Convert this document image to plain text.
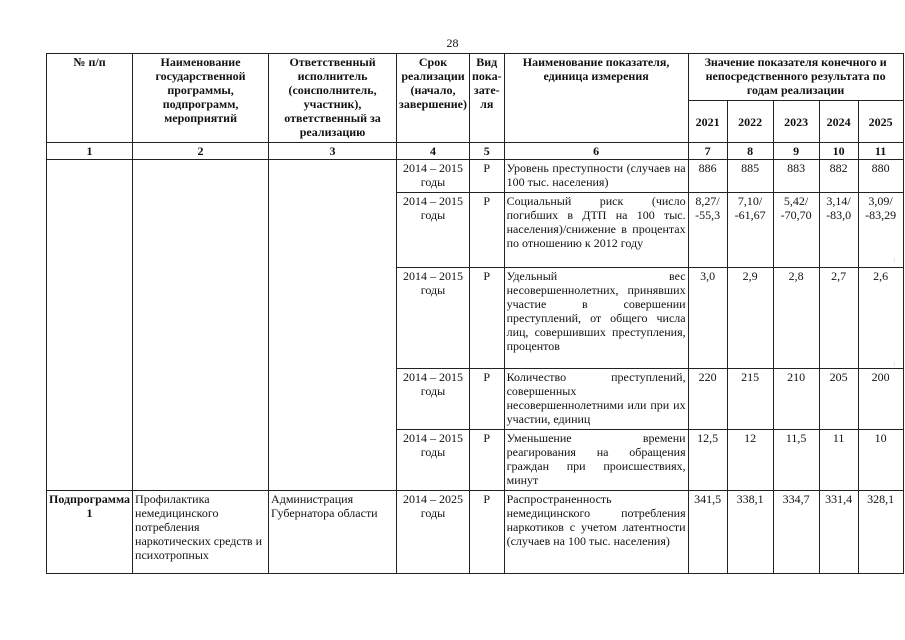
28
№ п/п	Наименование государственной программы, подпрограмм, мероприятий	Ответственный исполнитель (соисполнитель, участник), ответственный за реализацию	Срок реализации (начало, завершение)	Вид пока-зате-ля	Наименование показателя, единица измерения	Значение показателя конечного и непосредственного результата по годам реализации				
						2021	2022	2023	2024	2025
1	2	3	4	5	6	7	8	9	10	11
			2014 – 2015 годы	Р	Уровень преступности (случаев на 100 тыс. населения)	886	885	883	882	880
			2014 – 2015 годы	Р	Социальный риск (число погибших в ДТП на 100 тыс. населения)/снижение в процентах по отношению к 2012 году	8,27/ -55,3	7,10/ -61,67	5,42/ -70,70	3,14/ -83,0	3,09/ -83,29
			2014 – 2015 годы	Р	Удельный вес несовершеннолетних, принявших участие в совершении преступлений, от общего числа лиц, совершивших преступления, процентов	3,0	2,9	2,8	2,7	2,6
			2014 – 2015 годы	Р	Количество преступлений, совершенных несовершеннолетними или при их участии, единиц	220	215	210	205	200
			2014 – 2015 годы	Р	Уменьшение времени реагирования на обращения граждан при происшествиях, минут	12,5	12	11,5	11	10
Подпрограмма 1	Профилактика немедицинского потребления наркотических средств и психотропных	Администрация Губернатора области	2014 – 2025 годы	Р	Распространенность немедицинского потребления наркотиков с учетом латентности (случаев на 100 тыс. населения)	341,5	338,1	334,7	331,4	328,1
:
:
